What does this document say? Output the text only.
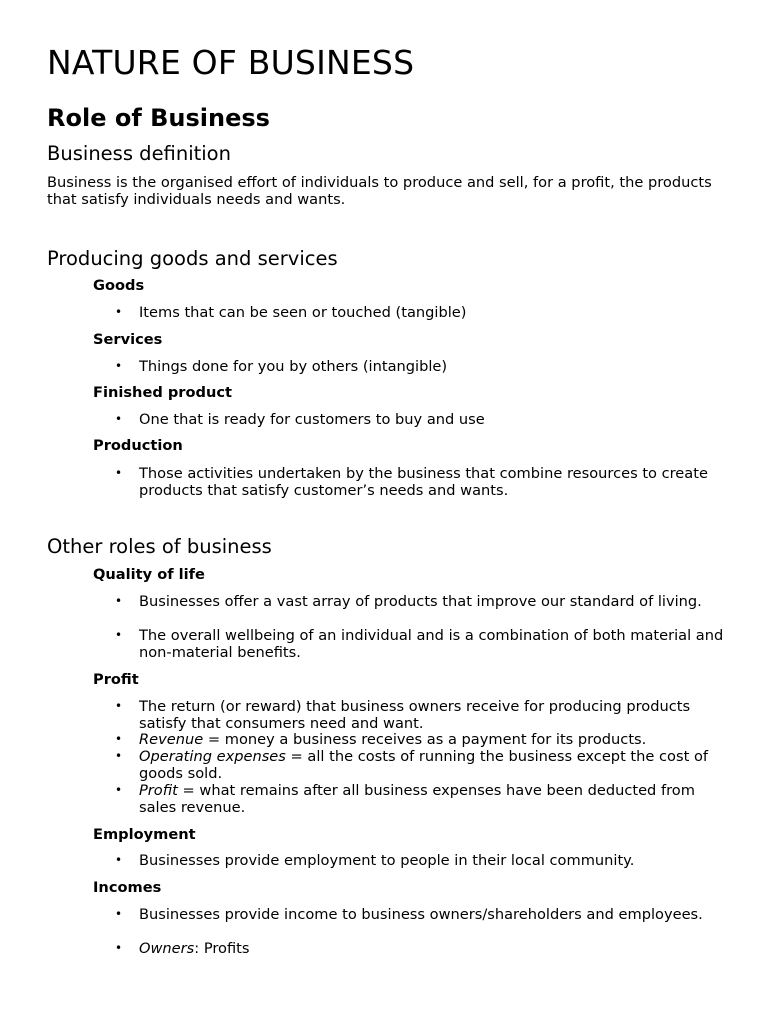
NATURE OF BUSINESS
Role of Business
Business definition

Business is the organised effort of individuals to produce and sell, for a profit, the products that satisfy individuals needs and wants.

Producing goods and services
Goods
• Items that can be seen or touched (tangible)
Services
• Things done for you by others (intangible)
Finished product
• One that is ready for customers to buy and use
Production
• Those activities undertaken by the business that combine resources to create products that satisfy customer’s needs and wants.
Other roles of business
Quality of life
• Businesses offer a vast array of products that improve our standard of living.
• The overall wellbeing of an individual and is a combination of both material and non-material benefits.
Profit
• The return (or reward) that business owners receive for producing products satisfy that consumers need and want.
• Revenue = money a business receives as a payment for its products.
• Operating expenses = all the costs of running the business except the cost of goods sold.
• Profit = what remains after all business expenses have been deducted from sales revenue.
Employment
• Businesses provide employment to people in their local community.
Incomes
• Businesses provide income to business owners/shareholders and employees.
• Owners: Profits
